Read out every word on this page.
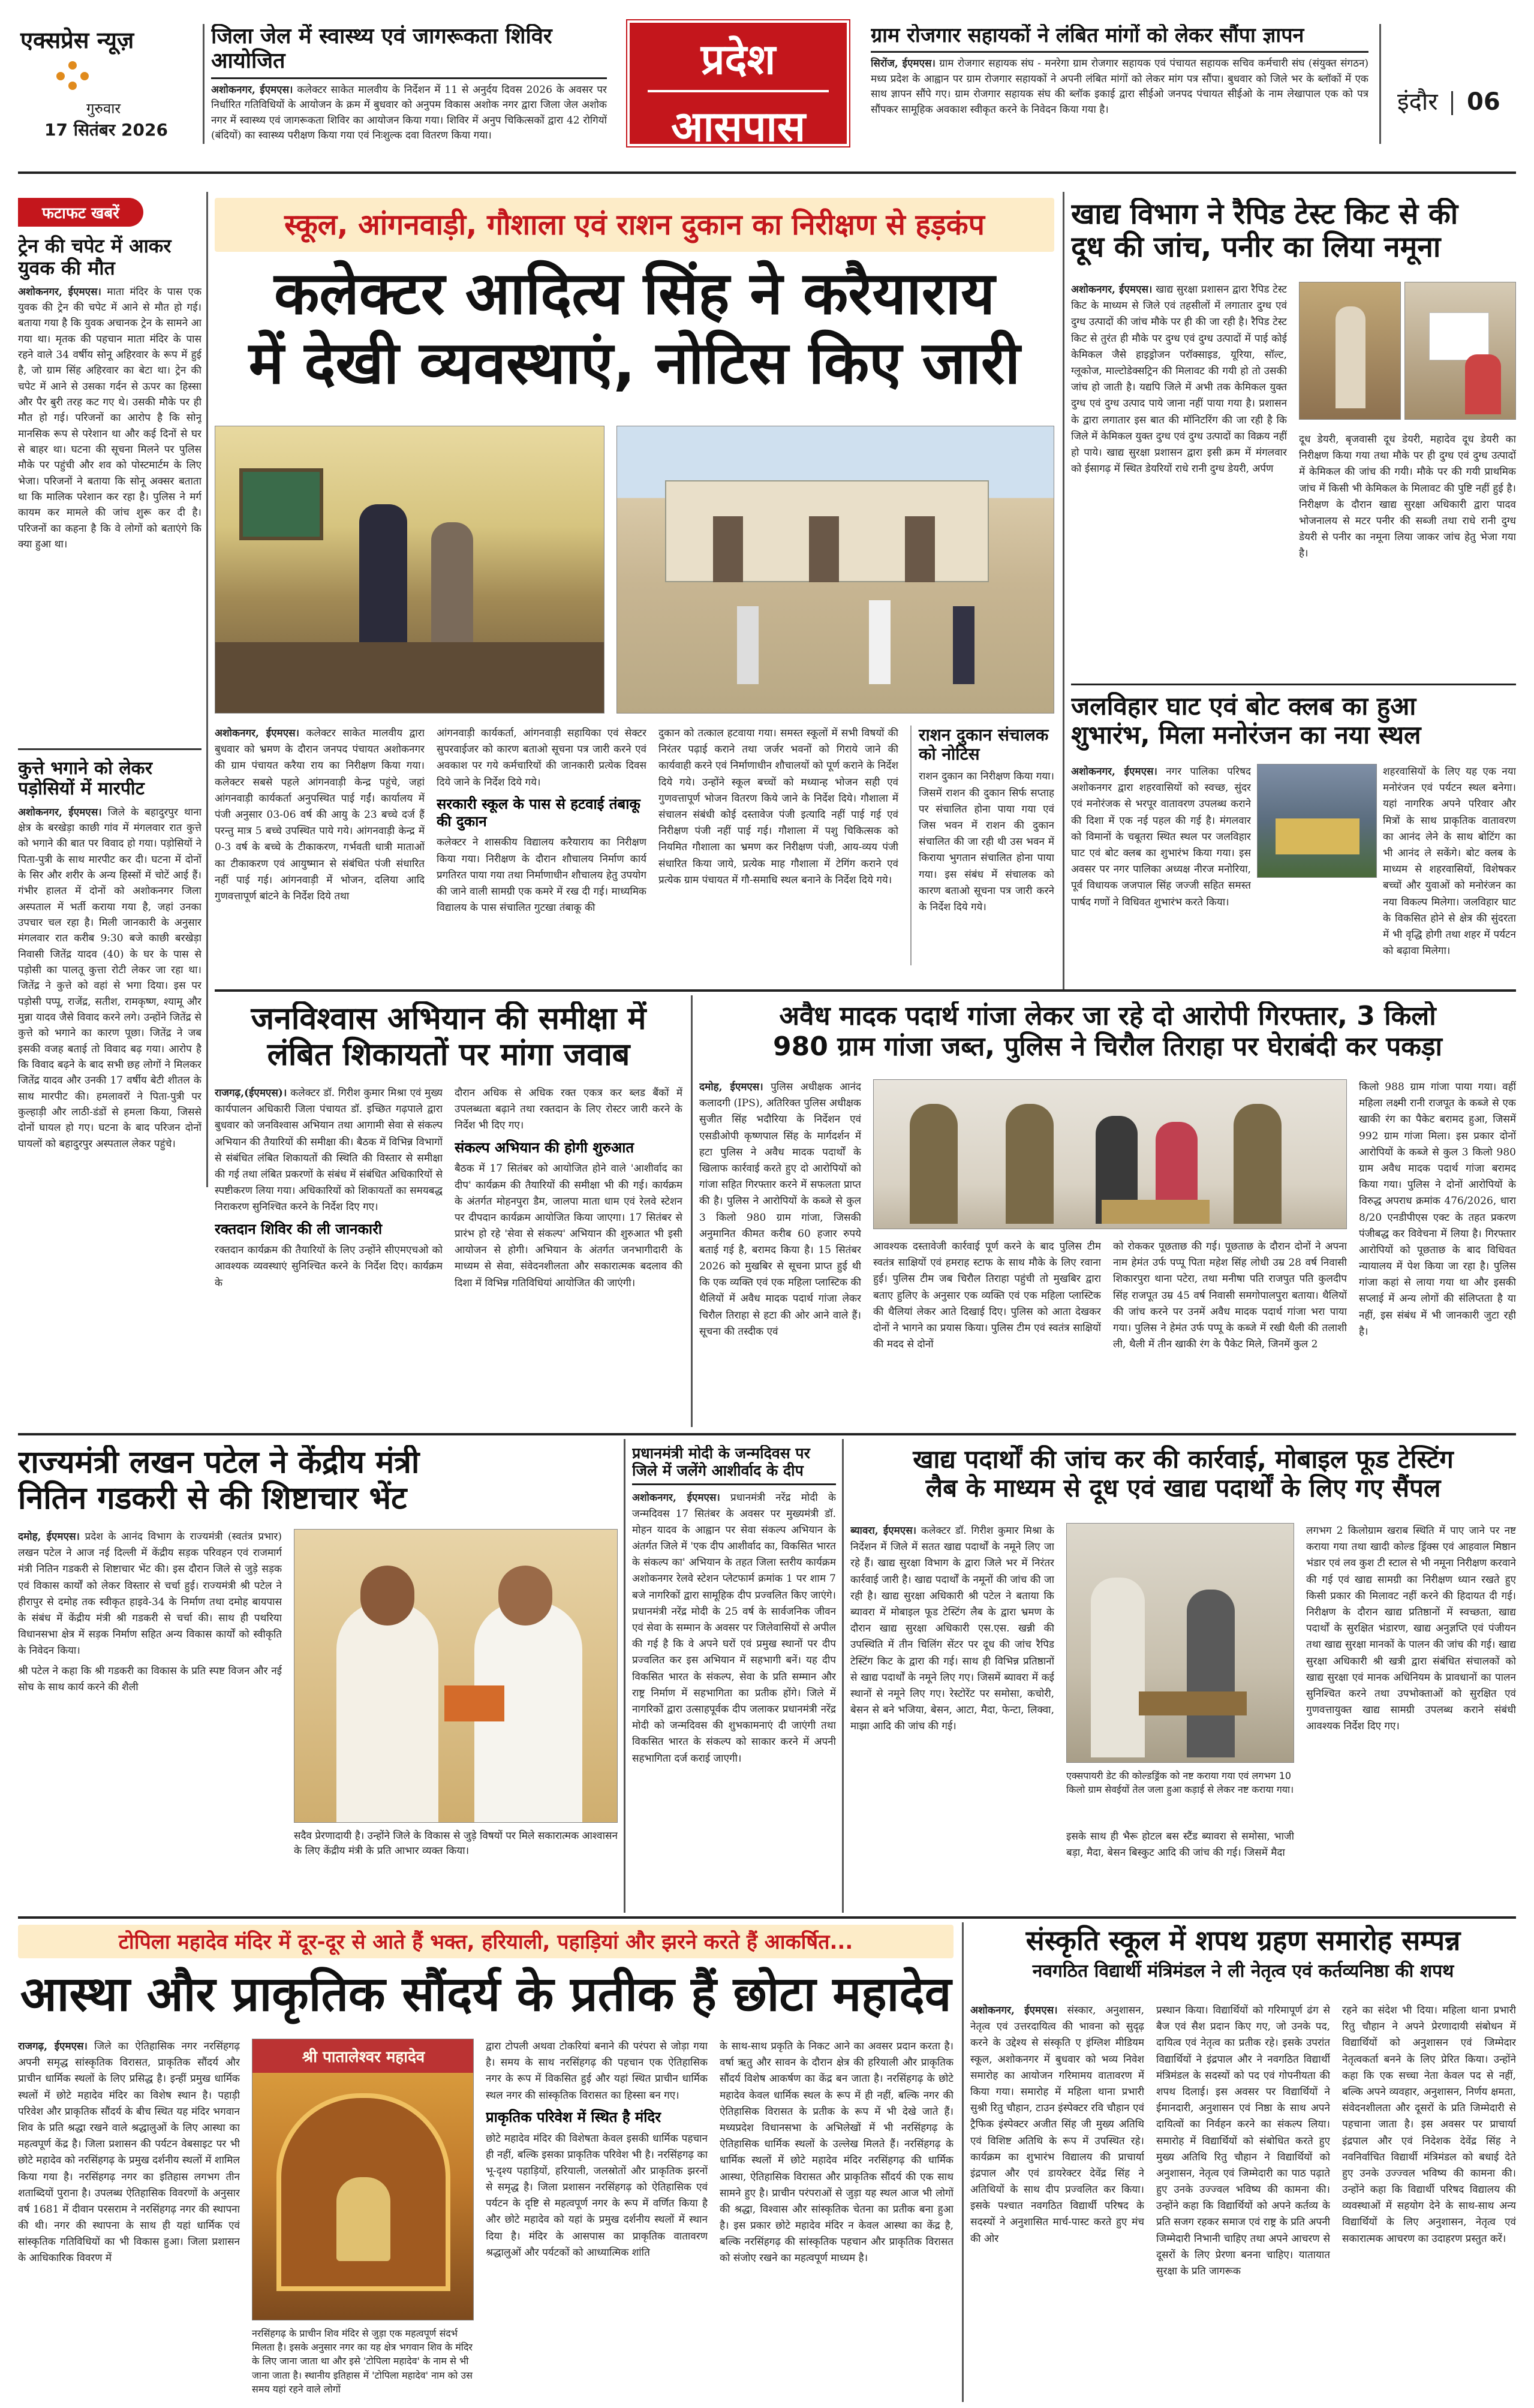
एक्सप्रेस न्यूज़
गुरुवार
17 सितंबर 2026
जिला जेल में स्वास्थ्य एवं जागरूकता शिविर आयोजित
अशोकनगर, ईएमएस। कलेक्टर साकेत मालवीय के निर्देशन में 11 से अनुर्दय दिवस 2026 के अवसर पर निर्धारित गतिविधियों के आयोजन के क्रम में बुधवार को अनुपम विकास अशोक नगर द्वारा जिला जेल अशोक नगर में स्वास्थ्य एवं जागरूकता शिविर का आयोजन किया गया। शिविर में अनुप चिकित्सकों द्वारा 42 रोगियों (बंदियों) का स्वास्थ्य परीक्षण किया गया एवं निःशुल्क दवा वितरण किया गया।
प्रदेश
आसपास
ग्राम रोजगार सहायकों ने लंबित मांगों को लेकर सौंपा ज्ञापन
सिरोंज, ईएमएस। ग्राम रोजगार सहायक संघ - मनरेगा ग्राम रोजगार सहायक एवं पंचायत सहायक सचिव कर्मचारी संघ (संयुक्त संगठन) मध्य प्रदेश के आह्वान पर ग्राम रोजगार सहायकों ने अपनी लंबित मांगों को लेकर मांग पत्र सौंपा। बुधवार को जिले भर के ब्लॉकों में एक साथ ज्ञापन सौंपे गए। ग्राम रोजगार सहायक संघ की ब्लॉक इकाई द्वारा सीईओ जनपद पंचायत सीईओ के नाम लेखापाल एक को पत्र सौंपकर सामूहिक अवकाश स्वीकृत करने के निवेदन किया गया है।	इंदौर 06
फटाफट खबरें
ट्रेन की चपेट में आकर युवक की मौत
अशोकनगर, ईएमएस। माता मंदिर के पास एक युवक की ट्रेन की चपेट में आने से मौत हो गई। बताया गया है कि युवक अचानक ट्रेन के सामने आ गया था। मृतक की पहचान माता मंदिर के पास रहने वाले 34 वर्षीय सोनू अहिरवार के रूप में हुई है, जो ग्राम सिंह अहिरवार का बेटा था। ट्रेन की चपेट में आने से उसका गर्दन से ऊपर का हिस्सा और पैर बुरी तरह कट गए थे। उसकी मौके पर ही मौत हो गई। परिजनों का आरोप है कि सोनू मानसिक रूप से परेशान था और कई दिनों से घर से बाहर था। घटना की सूचना मिलने पर पुलिस मौके पर पहुंची और शव को पोस्टमार्टम के लिए भेजा। परिजनों ने बताया कि सोनू अक्सर बताता था कि मालिक परेशान कर रहा है। पुलिस ने मर्ग कायम कर मामले की जांच शुरू कर दी है। परिजनों का कहना है कि वे लोगों को बताएंगे कि क्या हुआ था।
कुत्ते भगाने को लेकर पड़ोसियों में मारपीट
अशोकनगर, ईएमएस। जिले के बहादुरपुर थाना क्षेत्र के बरखेड़ा काछी गांव में मंगलवार रात कुत्ते को भगाने की बात पर विवाद हो गया। पड़ोसियों ने पिता-पुत्री के साथ मारपीट कर दी। घटना में दोनों के सिर और शरीर के अन्य हिस्सों में चोटें आई हैं। गंभीर हालत में दोनों को अशोकनगर जिला अस्पताल में भर्ती कराया गया है, जहां उनका उपचार चल रहा है। मिली जानकारी के अनुसार मंगलवार रात करीब 9:30 बजे काछी बरखेड़ा निवासी जितेंद्र यादव (40) के घर के पास से पड़ोसी का पालतू कुत्ता रोटी लेकर जा रहा था। जितेंद्र ने कुत्ते को वहां से भगा दिया। इस पर पड़ोसी पप्पू, राजेंद्र, सतीश, रामकृष्ण, श्यामू और मुन्ना यादव जैसे विवाद करने लगे। उन्होंने जितेंद्र से कुत्ते को भगाने का कारण पूछा। जितेंद्र ने जब इसकी वजह बताई तो विवाद बढ़ गया। आरोप है कि विवाद बढ़ने के बाद सभी छह लोगों ने मिलकर जितेंद्र यादव और उनकी 17 वर्षीय बेटी शीतल के साथ मारपीट की। हमलावरों ने पिता-पुत्री पर कुल्हाड़ी और लाठी-डंडों से हमला किया, जिससे दोनों घायल हो गए। घटना के बाद परिजन दोनों घायलों को बहादुरपुर अस्पताल लेकर पहुंचे।
स्कूल, आंगनवाड़ी, गौशाला एवं राशन दुकान का निरीक्षण से हड़कंप
कलेक्टर आदित्य सिंह ने करैयाराय
में देखी व्यवस्थाएं, नोटिस किए जारी
अशोकनगर, ईएमएस। कलेक्टर साकेत मालवीय द्वारा बुधवार को भ्रमण के दौरान जनपद पंचायत अशोकनगर की ग्राम पंचायत करैया राय का निरीक्षण किया गया। कलेक्टर सबसे पहले आंगनवाड़ी केन्द्र पहुंचे, जहां आंगनवाड़ी कार्यकर्ता अनुपस्थित पाई गईं। कार्यालय में पंजी अनुसार 03-06 वर्ष की आयु के 23 बच्चे दर्ज हैं परन्तु मात्र 5 बच्चे उपस्थित पाये गये। आंगनवाड़ी केन्द्र में 0-3 वर्ष के बच्चे के टीकाकरण, गर्भवती धात्री माताओं का टीकाकरण एवं आयुष्मान से संबंधित पंजी संधारित नहीं पाई गई। आंगनवाड़ी में भोजन, दलिया आदि गुणवत्तापूर्ण बांटने के निर्देश दिये तथा
आंगनवाड़ी कार्यकर्ता, आंगनवाड़ी सहायिका एवं सेक्टर सुपरवाईजर को कारण बताओ सूचना पत्र जारी करने एवं अवकाश पर गये कर्मचारियों की जानकारी प्रत्येक दिवस दिये जाने के निर्देश दिये गये।
सरकारी स्कूल के पास से हटवाई तंबाकू की दुकान
कलेक्टर ने शासकीय विद्यालय करैयाराय का निरीक्षण किया गया। निरीक्षण के दौरान शौचालय निर्माण कार्य प्रगतिरत पाया गया तथा निर्माणाधीन शौचालय हेतु उपयोग की जाने वाली सामग्री एक कमरे में रख दी गई। माध्यमिक विद्यालय के पास संचालित गुटखा तंबाकू की
दुकान को तत्काल हटवाया गया। समस्त स्कूलों में सभी विषयों की निरंतर पढ़ाई कराने तथा जर्जर भवनों को गिराये जाने की कार्यवाही करने एवं निर्माणाधीन शौचालयों को पूर्ण कराने के निर्देश दिये गये। उन्होंने स्कूल बच्चों को मध्यान्ह भोजन सही एवं गुणवत्तापूर्ण भोजन वितरण किये जाने के निर्देश दिये। गौशाला में संचालन संबंधी कोई दस्तावेज पंजी इत्यादि नहीं पाई गई एवं निरीक्षण पंजी नहीं पाई गई। गौशाला में पशु चिकित्सक को नियमित गौशाला का भ्रमण कर निरीक्षण पंजी, आय-व्यय पंजी संधारित किया जाये, प्रत्येक माह गौशाला में टेगिंग कराने एवं प्रत्येक ग्राम पंचायत में गौ-समाधि स्थल बनाने के निर्देश दिये गये।
राशन दुकान संचालक को नोटिस
राशन दुकान का निरीक्षण किया गया। जिसमें राशन की दुकान सिर्फ सप्ताह पर संचालित होना पाया गया एवं जिस भवन में राशन की दुकान संचालित की जा रही थी उस भवन में किराया भुगतान संचालित होना पाया गया। इस संबंध में संचालक को कारण बताओ सूचना पत्र जारी करने के निर्देश दिये गये।
खाद्य विभाग ने रैपिड टेस्ट किट से की
दूध की जांच, पनीर का लिया नमूना
अशोकनगर, ईएमएस। खाद्य सुरक्षा प्रशासन द्वारा रैपिड टेस्ट किट के माध्यम से जिले एवं तहसीलों में लगातार दुग्ध एवं दुग्ध उत्पादों की जांच मौके पर ही की जा रही है। रैपिड टेस्ट किट से तुरंत ही मौके पर दुग्ध एवं दुग्ध उत्पादों में पाई कोई केमिकल जैसे हाइड्रोजन परॉक्साइड, यूरिया, सॉल्ट, ग्लूकोज, माल्टोडेक्सट्रिन की मिलावट की गयी हो तो उसकी जांच हो जाती है। यद्यपि जिले में अभी तक केमिकल युक्त दुग्ध एवं दुग्ध उत्पाद पाये जाना नहीं पाया गया है। प्रशासन के द्वारा लगातार इस बात की मॉनिटरिंग की जा रही है कि जिले में केमिकल युक्त दुग्ध एवं दुग्ध उत्पादों का विक्रय नहीं हो पाये। खाद्य सुरक्षा प्रशासन द्वारा इसी क्रम में मंगलवार को ईसागढ़ में स्थित डेयरियों राधे रानी दुग्ध डेयरी, अर्पण
दूध डेयरी, बृजवासी दूध डेयरी, महादेव दूध डेयरी का निरीक्षण किया गया तथा मौके पर ही दुग्ध एवं दुग्ध उत्पादों में केमिकल की जांच की गयी। मौके पर की गयी प्राथमिक जांच में किसी भी केमिकल के मिलावट की पुष्टि नहीं हुई है। निरीक्षण के दौरान खाद्य सुरक्षा अधिकारी द्वारा पादव भोजनालय से मटर पनीर की सब्जी तथा राधे रानी दुग्ध डेयरी से पनीर का नमूना लिया जाकर जांच हेतु भेजा गया है।
जलविहार घाट एवं बोट क्लब का हुआ
शुभारंभ, मिला मनोरंजन का नया स्थल
अशोकनगर, ईएमएस। नगर पालिका परिषद अशोकनगर द्वारा शहरवासियों को स्वच्छ, सुंदर एवं मनोरंजक से भरपूर वातावरण उपलब्ध कराने की दिशा में एक नई पहल की गई है। मंगलवार को विमानों के चबूतरा स्थित स्थल पर जलविहार घाट एवं बोट क्लब का शुभारंभ किया गया। इस अवसर पर नगर पालिका अध्यक्ष नीरज मनोरिया, पूर्व विधायक जजपाल सिंह जज्जी सहित समस्त पार्षद गणों ने विधिवत शुभारंभ करते किया।
शहरवासियों के लिए यह एक नया मनोरंजन एवं पर्यटन स्थल बनेगा। यहां नागरिक अपने परिवार और मित्रों के साथ प्राकृतिक वातावरण का आनंद लेने के साथ बोटिंग का भी आनंद ले सकेंगे। बोट क्लब के माध्यम से शहरवासियों, विशेषकर बच्चों और युवाओं को मनोरंजन का नया विकल्प मिलेगा। जलविहार घाट के विकसित होने से क्षेत्र की सुंदरता में भी वृद्धि होगी तथा शहर में पर्यटन को बढ़ावा मिलेगा।
जनविश्वास अभियान की समीक्षा में
लंबित शिकायतों पर मांगा जवाब
राजगढ़,(ईएमएस)। कलेक्टर डॉ. गिरीश कुमार मिश्रा एवं मुख्य कार्यपालन अधिकारी जिला पंचायत डॉ. इच्छित गढ़पाले द्वारा बुधवार को जनविश्वास अभियान तथा आगामी सेवा से संकल्प अभियान की तैयारियों की समीक्षा की। बैठक में विभिन्न विभागों से संबंधित लंबित शिकायतों की स्थिति की विस्तार से समीक्षा की गई तथा लंबित प्रकरणों के संबंध में संबंधित अधिकारियों से स्पष्टीकरण लिया गया। अधिकारियों को शिकायतों का समयबद्ध निराकरण सुनिश्चित करने के निर्देश दिए गए।
रक्तदान शिविर की ली जानकारी
रक्तदान कार्यक्रम की तैयारियों के लिए उन्होंने सीएमएचओ को आवश्यक व्यवस्थाएं सुनिश्चित करने के निर्देश दिए। कार्यक्रम के
दौरान अधिक से अधिक रक्त एकत्र कर ब्लड बैंकों में उपलब्धता बढ़ाने तथा रक्तदान के लिए रोस्टर जारी करने के निर्देश भी दिए गए।
संकल्प अभियान की होगी शुरुआत
बैठक में 17 सितंबर को आयोजित होने वाले 'आशीर्वाद का दीप' कार्यक्रम की तैयारियों की समीक्षा भी की गई। कार्यक्रम के अंतर्गत मोहनपुरा डैम, जालपा माता धाम एवं रेलवे स्टेशन पर दीपदान कार्यक्रम आयोजित किया जाएगा। 17 सितंबर से प्रारंभ हो रहे 'सेवा से संकल्प' अभियान की शुरुआत भी इसी आयोजन से होगी। अभियान के अंतर्गत जनभागीदारी के माध्यम से सेवा, संवेदनशीलता और सकारात्मक बदलाव की दिशा में विभिन्न गतिविधियां आयोजित की जाएंगी।
अवैध मादक पदार्थ गांजा लेकर जा रहे दो आरोपी गिरफ्तार, 3 किलो
980 ग्राम गांजा जब्त, पुलिस ने चिरौल तिराहा पर घेराबंदी कर पकड़ा
दमोह, ईएमएस। पुलिस अधीक्षक आनंद कलादगी (IPS), अतिरिक्त पुलिस अधीक्षक सुजीत सिंह भदौरिया के निर्देशन एवं एसडीओपी कृष्णपाल सिंह के मार्गदर्शन में हटा पुलिस ने अवैध मादक पदार्थों के खिलाफ कार्रवाई करते हुए दो आरोपियों को गांजा सहित गिरफ्तार करने में सफलता प्राप्त की है। पुलिस ने आरोपियों के कब्जे से कुल 3 किलो 980 ग्राम गांजा, जिसकी अनुमानित कीमत करीब 60 हजार रुपये बताई गई है, बरामद किया है। 15 सितंबर 2026 को मुखबिर से सूचना प्राप्त हुई थी कि एक व्यक्ति एवं एक महिला प्लास्टिक की थैलियों में अवैध मादक पदार्थ गांजा लेकर चिरौल तिराहा से हटा की ओर आने वाले हैं। सूचना की तस्दीक एवं
आवश्यक दस्तावेजी कार्रवाई पूर्ण करने के बाद पुलिस टीम स्वतंत्र साक्षियों एवं हमराह स्टाफ के साथ मौके के लिए रवाना हुई। पुलिस टीम जब चिरौल तिराहा पहुंची तो मुखबिर द्वारा बताए हुलिए के अनुसार एक व्यक्ति एवं एक महिला प्लास्टिक की थैलियां लेकर आते दिखाई दिए। पुलिस को आता देखकर दोनों ने भागने का प्रयास किया। पुलिस टीम एवं स्वतंत्र साक्षियों की मदद से दोनों
को रोककर पूछताछ की गई। पूछताछ के दौरान दोनों ने अपना नाम हेमंत उर्फ पप्पू पिता महेश सिंह लोधी उम्र 28 वर्ष निवासी शिकारपुरा थाना पटेरा, तथा मनीषा पति राजपुत पति कुलदीप सिंह राजपूत उम्र 45 वर्ष निवासी समगोपालपुरा बताया। थैलियों की जांच करने पर उनमें अवैध मादक पदार्थ गांजा भरा पाया गया। पुलिस ने हेमंत उर्फ पप्पू के कब्जे में रखी थैली की तलाशी ली, थैली में तीन खाकी रंग के पैकेट मिले, जिनमें कुल 2
किलो 988 ग्राम गांजा पाया गया। वहीं महिला लक्ष्मी रानी राजपूत के कब्जे से एक खाकी रंग का पैकेट बरामद हुआ, जिसमें 992 ग्राम गांजा मिला। इस प्रकार दोनों आरोपियों के कब्जे से कुल 3 किलो 980 ग्राम अवैध मादक पदार्थ गांजा बरामद किया गया। पुलिस ने दोनों आरोपियों के विरुद्ध अपराध क्रमांक 476/2026, धारा 8/20 एनडीपीएस एक्ट के तहत प्रकरण पंजीबद्ध कर विवेचना में लिया है। गिरफ्तार आरोपियों को पूछताछ के बाद विधिवत न्यायालय में पेश किया जा रहा है। पुलिस गांजा कहां से लाया गया था और इसकी सप्लाई में अन्य लोगों की संलिप्तता है या नहीं, इस संबंध में भी जानकारी जुटा रही है।
राज्यमंत्री लखन पटेल ने केंद्रीय मंत्री
नितिन गडकरी से की शिष्टाचार भेंट
दमोह, ईएमएस। प्रदेश के आनंद विभाग के राज्यमंत्री (स्वतंत्र प्रभार) लखन पटेल ने आज नई दिल्ली में केंद्रीय सड़क परिवहन एवं राजमार्ग मंत्री नितिन गडकरी से शिष्टाचार भेंट की। इस दौरान जिले से जुड़े सड़क एवं विकास कार्यों को लेकर विस्तार से चर्चा हुई। राज्यमंत्री श्री पटेल ने हीरापुर से दमोह तक स्वीकृत हाइवे-34 के निर्माण तथा दमोह बायपास के संबंध में केंद्रीय मंत्री श्री गडकरी से चर्चा की। साथ ही पथरिया विधानसभा क्षेत्र में सड़क निर्माण सहित अन्य विकास कार्यों को स्वीकृति के निवेदन किया।
श्री पटेल ने कहा कि श्री गडकरी का विकास के प्रति स्पष्ट विजन और नई सोच के साथ कार्य करने की शैली
सदैव प्रेरणादायी है। उन्होंने जिले के विकास से जुड़े विषयों पर मिले सकारात्मक आश्वासन के लिए केंद्रीय मंत्री के प्रति आभार व्यक्त किया।
प्रधानमंत्री मोदी के जन्मदिवस पर
जिले में जलेंगे आशीर्वाद के दीप
अशोकनगर, ईएमएस। प्रधानमंत्री नरेंद्र मोदी के जन्मदिवस 17 सितंबर के अवसर पर मुख्यमंत्री डॉ. मोहन यादव के आह्वान पर सेवा संकल्प अभियान के अंतर्गत जिले में 'एक दीप आशीर्वाद का, विकसित भारत के संकल्प का' अभियान के तहत जिला स्तरीय कार्यक्रम अशोकनगर रेलवे स्टेशन प्लेटफार्म क्रमांक 1 पर शाम 7 बजे नागरिकों द्वारा सामूहिक दीप प्रज्वलित किए जाएंगे। प्रधानमंत्री नरेंद्र मोदी के 25 वर्ष के सार्वजनिक जीवन एवं सेवा के सम्मान के अवसर पर जिलेवासियों से अपील की गई है कि वे अपने घरों एवं प्रमुख स्थानों पर दीप प्रज्वलित कर इस अभियान में सहभागी बनें। यह दीप विकसित भारत के संकल्प, सेवा के प्रति सम्मान और राष्ट्र निर्माण में सहभागिता का प्रतीक होंगे। जिले में नागरिकों द्वारा उत्साहपूर्वक दीप जलाकर प्रधानमंत्री नरेंद्र मोदी को जन्मदिवस की शुभकामनाएं दी जाएंगी तथा विकसित भारत के संकल्प को साकार करने में अपनी सहभागिता दर्ज कराई जाएगी।
खाद्य पदार्थों की जांच कर की कार्रवाई, मोबाइल फूड टेस्टिंग
लैब के माध्यम से दूध एवं खाद्य पदार्थों के लिए गए सैंपल
ब्यावरा, ईएमएस। कलेक्टर डॉ. गिरीश कुमार मिश्रा के निर्देशन में जिले में सतत खाद्य पदार्थों के नमूने लिए जा रहे हैं। खाद्य सुरक्षा विभाग के द्वारा जिले भर में निरंतर कार्रवाई जारी है। खाद्य पदार्थों के नमूनों की जांच की जा रही है। खाद्य सुरक्षा अधिकारी श्री पटेल ने बताया कि ब्यावरा में मोबाइल फूड टेस्टिंग लैब के द्वारा भ्रमण के दौरान खाद्य सुरक्षा अधिकारी एस.एस. खन्नी की उपस्थिति में तीन चिलिंग सेंटर पर दूध की जांच रैपिड टेस्टिंग किट के द्वारा की गई। साथ ही विभिन्न प्रतिष्ठानों से खाद्य पदार्थों के नमूने लिए गए। जिसमें ब्यावरा में कई स्थानों से नमूने लिए गए। रेस्टोरेंट पर समोसा, कचोरी, बेसन से बने भजिया, बेसन, आटा, मैदा, फेन्टा, लिक्वा, माझा आदि की जांच की गई।
एक्सपायरी डेट की कोल्डड्रिंक को नष्ट कराया गया एवं लगभग 10 किलो ग्राम सेवईयों तेल जला हुआ कड़ाई से लेकर नष्ट कराया गया।
इसके साथ ही भैरू होटल बस स्टैंड ब्यावरा से समोसा, भाजी बड़ा, मैदा, बेसन बिस्कुट आदि की जांच की गई। जिसमें मैदा
लगभग 2 किलोग्राम खराब स्थिति में पाए जाने पर नष्ट कराया गया तथा खादी कोल्ड ड्रिंक्स एवं आहवाल मिष्ठान भंडार एवं लव कुश टी स्टाल से भी नमूना निरीक्षण करवाने की गई एवं खाद्य सामग्री का निरीक्षण ध्यान रखते हुए किसी प्रकार की मिलावट नहीं करने की हिदायत दी गई। निरीक्षण के दौरान खाद्य प्रतिष्ठानों में स्वच्छता, खाद्य पदार्थों के सुरक्षित भंडारण, खाद्य अनुज्ञप्ति एवं पंजीयन तथा खाद्य सुरक्षा मानकों के पालन की जांच की गई। खाद्य सुरक्षा अधिकारी श्री खत्री द्वारा संबंधित संचालकों को खाद्य सुरक्षा एवं मानक अधिनियम के प्रावधानों का पालन सुनिश्चित करने तथा उपभोक्ताओं को सुरक्षित एवं गुणवत्तायुक्त खाद्य सामग्री उपलब्ध कराने संबंधी आवश्यक निर्देश दिए गए।
टोपिला महादेव मंदिर में दूर-दूर से आते हैं भक्त, हरियाली, पहाड़ियां और झरने करते हैं आकर्षित...
आस्था और प्राकृतिक सौंदर्य के प्रतीक हैं छोटा महादेव
राजगढ़, ईएमएस। जिले का ऐतिहासिक नगर नरसिंहगढ़ अपनी समृद्ध सांस्कृतिक विरासत, प्राकृतिक सौंदर्य और प्राचीन धार्मिक स्थलों के लिए प्रसिद्ध है। इन्हीं प्रमुख धार्मिक स्थलों में छोटे महादेव मंदिर का विशेष स्थान है। पहाड़ी परिवेश और प्राकृतिक सौंदर्य के बीच स्थित यह मंदिर भगवान शिव के प्रति श्रद्धा रखने वाले श्रद्धालुओं के लिए आस्था का महत्वपूर्ण केंद्र है। जिला प्रशासन की पर्यटन वेबसाइट पर भी छोटे महादेव को नरसिंहगढ़ के प्रमुख दर्शनीय स्थलों में शामिल किया गया है। नरसिंहगढ़ नगर का इतिहास लगभग तीन शताब्दियों पुराना है। उपलब्ध ऐतिहासिक विवरणों के अनुसार वर्ष 1681 में दीवान परसराम ने नरसिंहगढ़ नगर की स्थापना की थी। नगर की स्थापना के साथ ही यहां धार्मिक एवं सांस्कृतिक गतिविधियों का भी विकास हुआ। जिला प्रशासन के आधिकारिक विवरण में
श्री पातालेश्वर महादेव
नरसिंहगढ़ के प्राचीन शिव मंदिर से जुड़ा एक महत्वपूर्ण संदर्भ मिलता है। इसके अनुसार नगर का यह क्षेत्र भगवान शिव के मंदिर के लिए जाना जाता था और इसे 'टोपिला महादेव' के नाम से भी जाना जाता है। स्थानीय इतिहास में 'टोपिला महादेव' नाम को उस समय यहां रहने वाले लोगों
द्वारा टोपली अथवा टोकरियां बनाने की परंपरा से जोड़ा गया है। समय के साथ नरसिंहगढ़ की पहचान एक ऐतिहासिक नगर के रूप में विकसित हुई और यहां स्थित प्राचीन धार्मिक स्थल नगर की सांस्कृतिक विरासत का हिस्सा बन गए।
प्राकृतिक परिवेश में स्थित है मंदिर
छोटे महादेव मंदिर की विशेषता केवल इसकी धार्मिक पहचान ही नहीं, बल्कि इसका प्राकृतिक परिवेश भी है। नरसिंहगढ़ का भू-दृश्य पहाड़ियों, हरियाली, जलस्रोतों और प्राकृतिक झरनों से समृद्ध है। जिला प्रशासन नरसिंहगढ़ को ऐतिहासिक एवं पर्यटन के दृष्टि से महत्वपूर्ण नगर के रूप में वर्णित किया है और छोटे महादेव को यहां के प्रमुख दर्शनीय स्थलों में स्थान दिया है। मंदिर के आसपास का प्राकृतिक वातावरण श्रद्धालुओं और पर्यटकों को आध्यात्मिक शांति
के साथ-साथ प्रकृति के निकट आने का अवसर प्रदान करता है। वर्षा ऋतु और सावन के दौरान क्षेत्र की हरियाली और प्राकृतिक सौंदर्य विशेष आकर्षण का केंद्र बन जाता है। नरसिंहगढ़ के छोटे महादेव केवल धार्मिक स्थल के रूप में ही नहीं, बल्कि नगर की ऐतिहासिक विरासत के प्रतीक के रूप में भी देखे जाते हैं। मध्यप्रदेश विधानसभा के अभिलेखों में भी नरसिंहगढ़ के ऐतिहासिक धार्मिक स्थलों के उल्लेख मिलते हैं। नरसिंहगढ़ के धार्मिक स्थलों में छोटे महादेव मंदिर नरसिंहगढ़ की धार्मिक आस्था, ऐतिहासिक विरासत और प्राकृतिक सौंदर्य की एक साथ सामने हुए है। प्राचीन परंपराओं से जुड़ा यह स्थल आज भी लोगों की श्रद्धा, विश्वास और सांस्कृतिक चेतना का प्रतीक बना हुआ है। इस प्रकार छोटे महादेव मंदिर न केवल आस्था का केंद्र है, बल्कि नरसिंहगढ़ की सांस्कृतिक पहचान और प्राकृतिक विरासत को संजोए रखने का महत्वपूर्ण माध्यम है।
संस्कृति स्कूल में शपथ ग्रहण समारोह सम्पन्न
नवगठित विद्यार्थी मंत्रिमंडल ने ली नेतृत्व एवं कर्तव्यनिष्ठा की शपथ
अशोकनगर, ईएमएस। संस्कार, अनुशासन, नेतृत्व एवं उत्तरदायित्व की भावना को सुदृढ़ करने के उद्देश्य से संस्कृति ए इंग्लिश मीडियम स्कूल, अशोकनगर में बुधवार को भव्य निवेश समारोह का आयोजन गरिमामय वातावरण में किया गया। समारोह में महिला थाना प्रभारी सुश्री रितु चौहान, टाउन इंस्पेक्टर रवि चौहान एवं ट्रैफिक इंस्पेक्टर अजीत सिंह जी मुख्य अतिथि एवं विशिष्ट अतिथि के रूप में उपस्थित रहे। कार्यक्रम का शुभारंभ विद्यालय की प्राचार्या इंद्रपाल और एवं डायरेक्टर देवेंद्र सिंह ने अतिथियों के साथ दीप प्रज्वलित कर किया। इसके पश्चात नवगठित विद्यार्थी परिषद के सदस्यों ने अनुशासित मार्च-पास्ट करते हुए मंच की ओर
प्रस्थान किया। विद्यार्थियों को गरिमापूर्ण ढंग से बैज एवं सैश प्रदान किए गए, जो उनके पद, दायित्व एवं नेतृत्व का प्रतीक रहे। इसके उपरांत विद्यार्थियों ने इंद्रपाल और ने नवगठित विद्यार्थी मंत्रिमंडल के सदस्यों को पद एवं गोपनीयता की शपथ दिलाई। इस अवसर पर विद्यार्थियों ने ईमानदारी, अनुशासन एवं निष्ठा के साथ अपने दायित्वों का निर्वहन करने का संकल्प लिया। समारोह में विद्यार्थियों को संबोधित करते हुए मुख्य अतिथि रितु चौहान ने विद्यार्थियों को अनुशासन, नेतृत्व एवं जिम्मेदारी का पाठ पढ़ाते हुए उनके उज्ज्वल भविष्य की कामना की। उन्होंने कहा कि विद्यार्थियों को अपने कर्तव्य के प्रति सजग रहकर समाज एवं राष्ट्र के प्रति अपनी जिम्मेदारी निभानी चाहिए तथा अपने आचरण से दूसरों के लिए प्रेरणा बनना चाहिए। यातायात सुरक्षा के प्रति जागरूक
रहने का संदेश भी दिया। महिला थाना प्रभारी रितु चौहान ने अपने प्रेरणादायी संबोधन में विद्यार्थियों को अनुशासन एवं जिम्मेदार नेतृत्वकर्ता बनने के लिए प्रेरित किया। उन्होंने कहा कि एक सच्चा नेता केवल पद से नहीं, बल्कि अपने व्यवहार, अनुशासन, निर्णय क्षमता, संवेदनशीलता और दूसरों के प्रति जिम्मेदारी से पहचाना जाता है। इस अवसर पर प्राचार्या इंद्रपाल और एवं निदेशक देवेंद्र सिंह ने नवनिर्वाचित विद्यार्थी मंत्रिमंडल को बधाई देते हुए उनके उज्ज्वल भविष्य की कामना की। उन्होंने कहा कि विद्यार्थी परिषद विद्यालय की व्यवस्थाओं में सहयोग देने के साथ-साथ अन्य विद्यार्थियों के लिए अनुशासन, नेतृत्व एवं सकारात्मक आचरण का उदाहरण प्रस्तुत करें।
